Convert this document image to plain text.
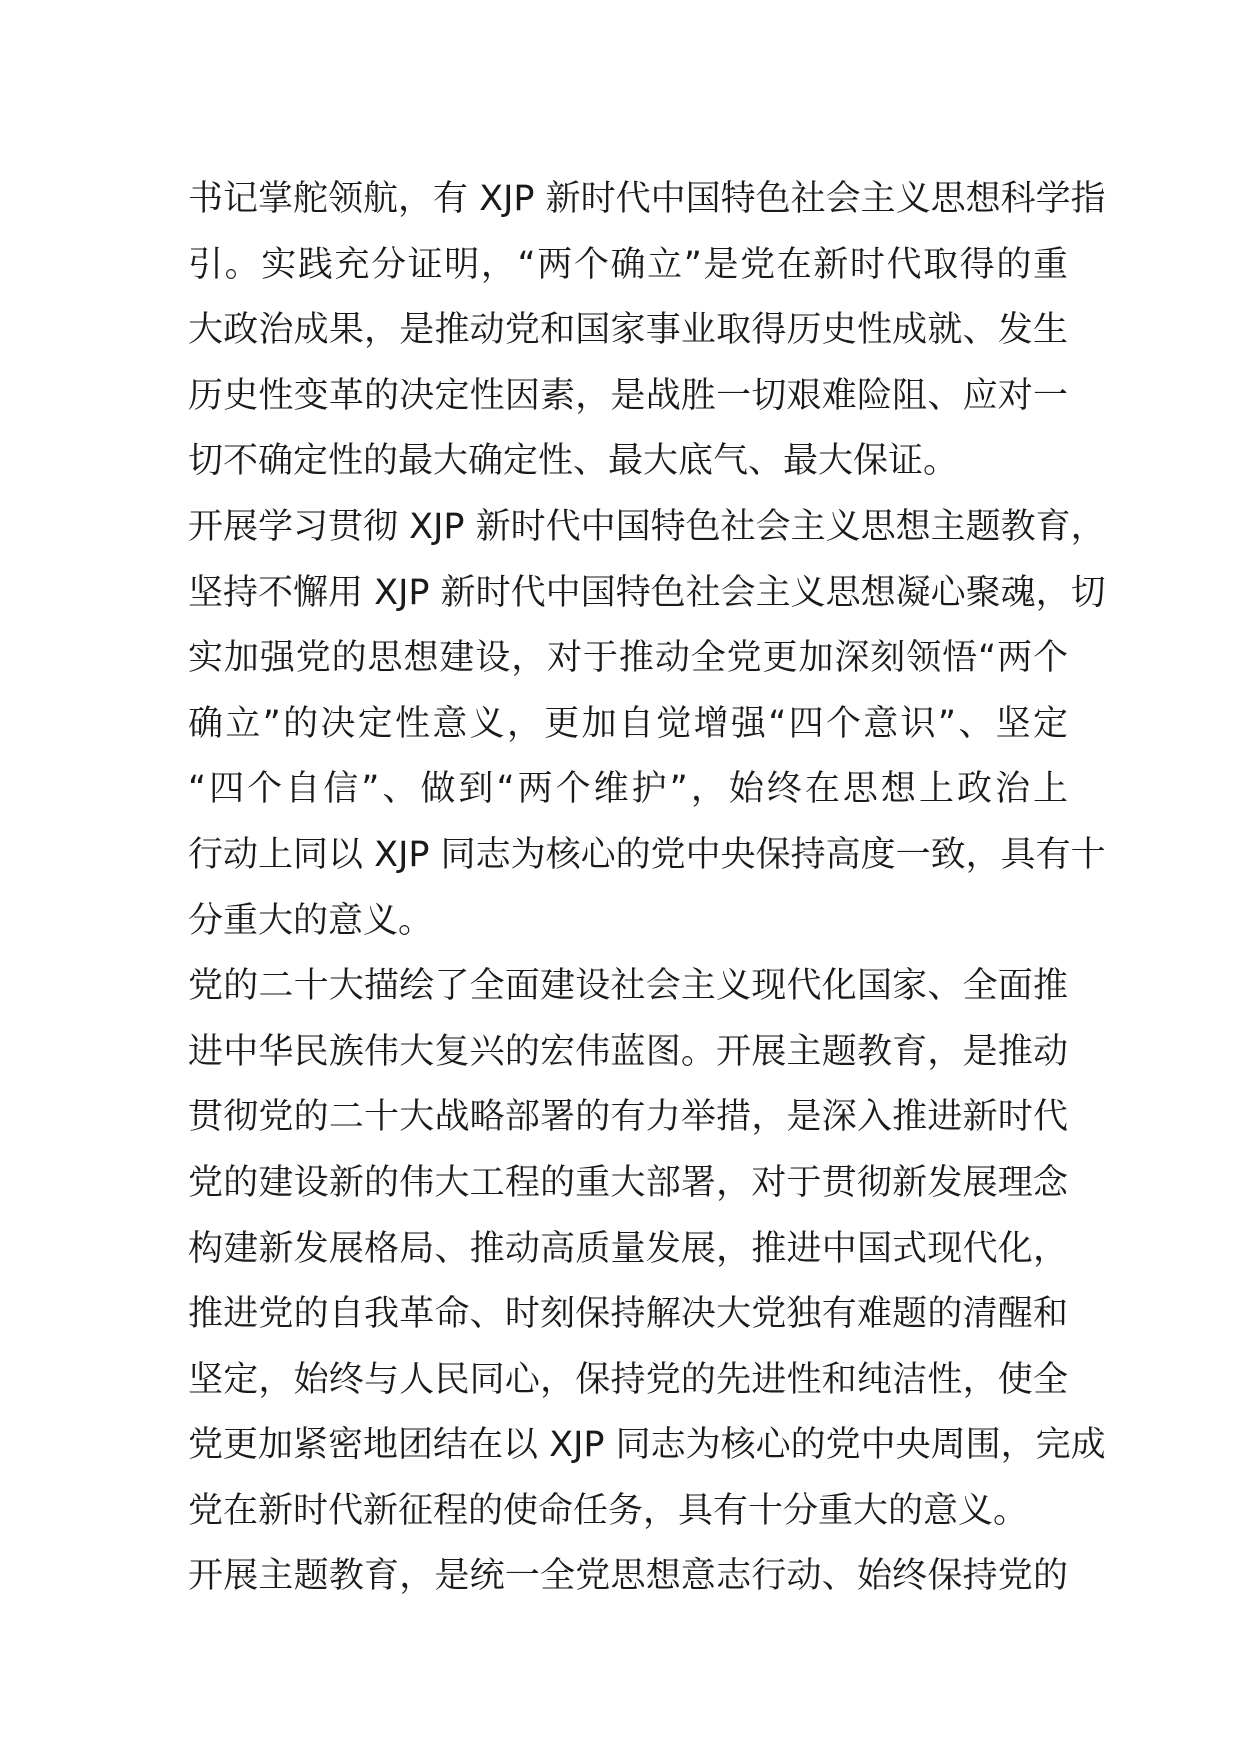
书记掌舵领航，有 XJP 新时代中国特色社会主义思想科学指
引。实践充分证明，“两个确立”是党在新时代取得的重
大政治成果，是推动党和国家事业取得历史性成就、发生
历史性变革的决定性因素，是战胜一切艰难险阻、应对一
切不确定性的最大确定性、最大底气、最大保证。
开展学习贯彻 XJP 新时代中国特色社会主义思想主题教育，
坚持不懈用 XJP 新时代中国特色社会主义思想凝心聚魂，切
实加强党的思想建设，对于推动全党更加深刻领悟“两个
确立”的决定性意义，更加自觉增强“四个意识”、坚定
“四个自信”、做到“两个维护”，始终在思想上政治上
行动上同以 XJP 同志为核心的党中央保持高度一致，具有十
分重大的意义。
党的二十大描绘了全面建设社会主义现代化国家、全面推
进中华民族伟大复兴的宏伟蓝图。开展主题教育，是推动
贯彻党的二十大战略部署的有力举措，是深入推进新时代
党的建设新的伟大工程的重大部署，对于贯彻新发展理念
构建新发展格局、推动高质量发展，推进中国式现代化，
推进党的自我革命、时刻保持解决大党独有难题的清醒和
坚定，始终与人民同心，保持党的先进性和纯洁性，使全
党更加紧密地团结在以 XJP 同志为核心的党中央周围，完成
党在新时代新征程的使命任务，具有十分重大的意义。
开展主题教育，是统一全党思想意志行动、始终保持党的
